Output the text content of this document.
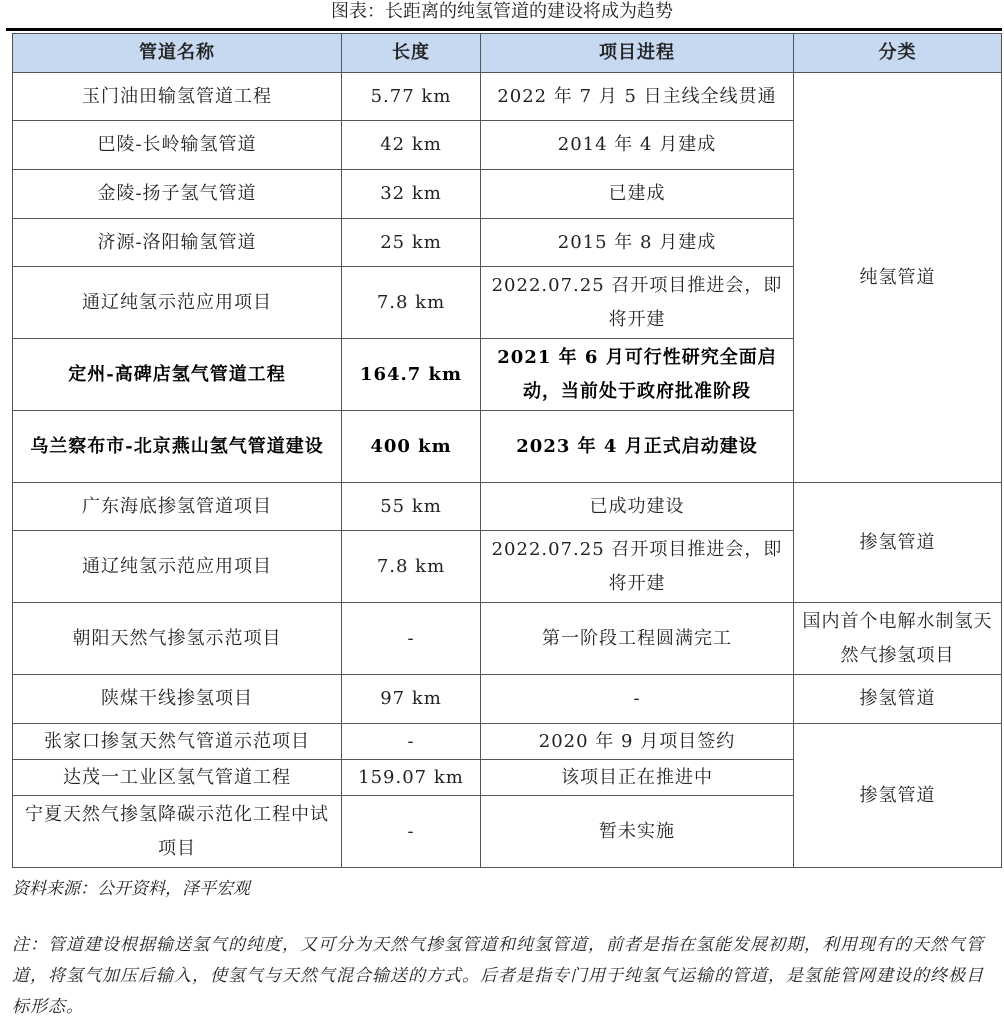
图表：长距离的纯氢管道的建设将成为趋势
管道名称	长度	项目进程	分类
玉门油田输氢管道工程	5.77 km	2022 年 7 月 5 日主线全线贯通	纯氢管道
巴陵-长岭输氢管道	42 km	2014 年 4 月建成	
金陵-扬子氢气管道	32 km	已建成	
济源-洛阳输氢管道	25 km	2015 年 8 月建成	
通辽纯氢示范应用项目	7.8 km	2022.07.25 召开项目推进会，即将开建	
定州-高碑店氢气管道工程	164.7 km	2021 年 6 月可行性研究全面启动，当前处于政府批准阶段	
乌兰察布市-北京燕山氢气管道建设	400 km	2023 年 4 月正式启动建设	
广东海底掺氢管道项目	55 km	已成功建设	掺氢管道
通辽纯氢示范应用项目	7.8 km	2022.07.25 召开项目推进会，即将开建	
朝阳天然气掺氢示范项目	-	第一阶段工程圆满完工	国内首个电解水制氢天然气掺氢项目
陕煤干线掺氢项目	97 km	-	掺氢管道
张家口掺氢天然气管道示范项目	-	2020 年 9 月项目签约	掺氢管道
达茂一工业区氢气管道工程	159.07 km	该项目正在推进中	
宁夏天然气掺氢降碳示范化工程中试项目	-	暂未实施	
资料来源：公开资料，泽平宏观
注：管道建设根据输送氢气的纯度，又可分为天然气掺氢管道和纯氢管道，前者是指在氢能发展初期，利用现有的天然气管道，将氢气加压后输入，使氢气与天然气混合输送的方式。后者是指专门用于纯氢气运输的管道，是氢能管网建设的终极目标形态。
